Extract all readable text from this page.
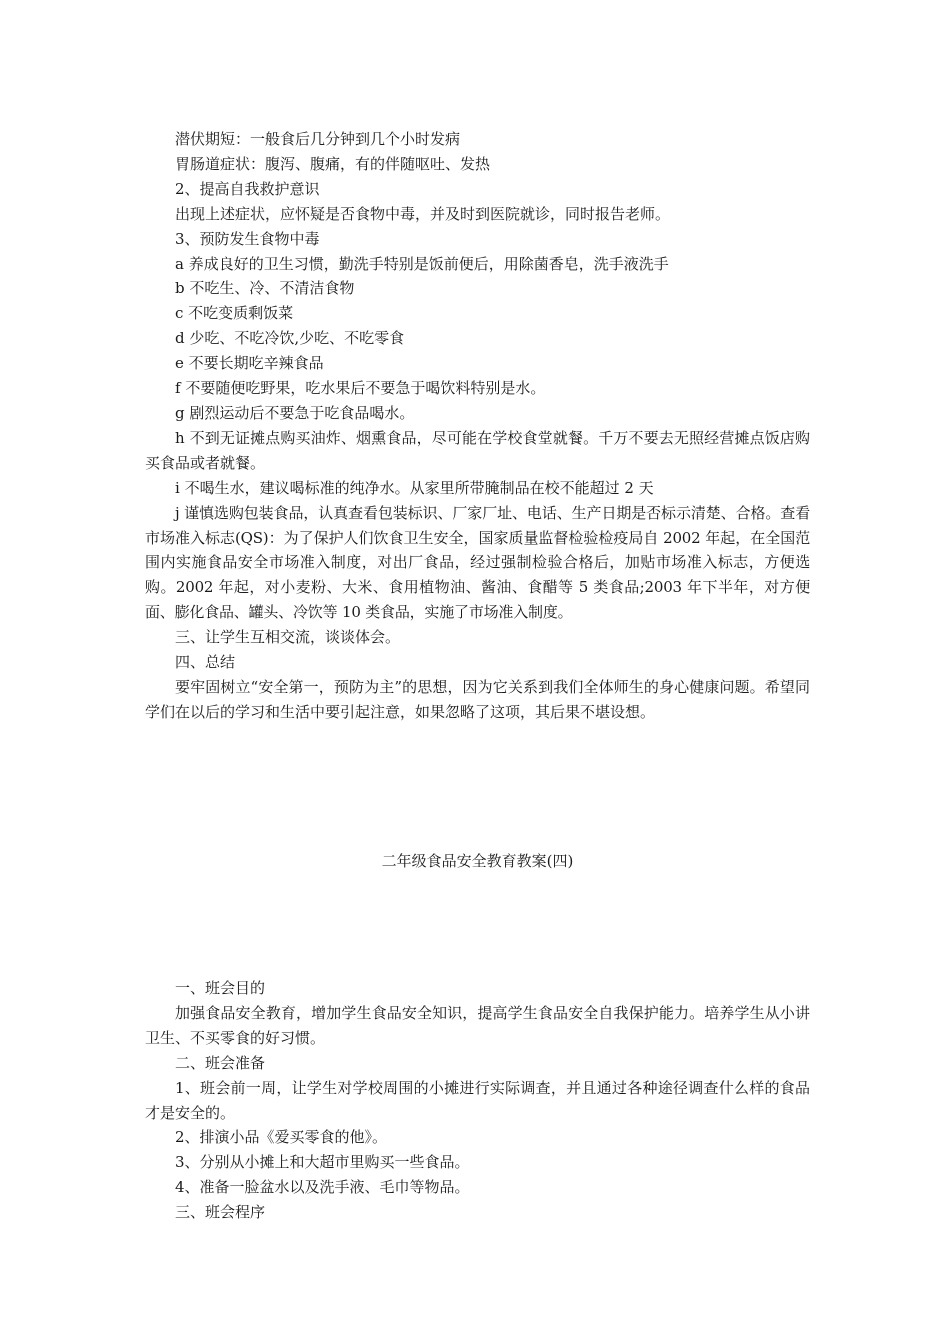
潜伏期短：一般食后几分钟到几个小时发病

胃肠道症状：腹泻、腹痛，有的伴随呕吐、发热

2、提高自我救护意识

出现上述症状，应怀疑是否食物中毒，并及时到医院就诊，同时报告老师。

3、预防发生食物中毒

a 养成良好的卫生习惯，勤洗手特别是饭前便后，用除菌香皂，洗手液洗手

b 不吃生、冷、不清洁食物

c 不吃变质剩饭菜

d 少吃、不吃冷饮,少吃、不吃零食

e 不要长期吃辛辣食品

f 不要随便吃野果，吃水果后不要急于喝饮料特别是水。

g 剧烈运动后不要急于吃食品喝水。

h 不到无证摊点购买油炸、烟熏食品，尽可能在学校食堂就餐。千万不要去无照经营摊点饭店购买食品或者就餐。

i 不喝生水，建议喝标准的纯净水。从家里所带腌制品在校不能超过 2 天

j 谨慎选购包装食品，认真查看包装标识、厂家厂址、电话、生产日期是否标示清楚、合格。查看市场准入标志(QS)：为了保护人们饮食卫生安全，国家质量监督检验检疫局自 2002 年起，在全国范围内实施食品安全市场准入制度，对出厂食品，经过强制检验合格后，加贴市场准入标志，方便选购。2002 年起，对小麦粉、大米、食用植物油、酱油、食醋等 5 类食品;2003 年下半年，对方便面、膨化食品、罐头、冷饮等 10 类食品，实施了市场准入制度。

三、让学生互相交流，谈谈体会。

四、总结

要牢固树立“安全第一，预防为主”的思想，因为它关系到我们全体师生的身心健康问题。希望同学们在以后的学习和生活中要引起注意，如果忽略了这项，其后果不堪设想。

二年级食品安全教育教案(四)

一、班会目的

加强食品安全教育，增加学生食品安全知识，提高学生食品安全自我保护能力。培养学生从小讲卫生、不买零食的好习惯。

二、班会准备

1、班会前一周，让学生对学校周围的小摊进行实际调查，并且通过各种途径调查什么样的食品才是安全的。

2、排演小品《爱买零食的他》。

3、分别从小摊上和大超市里购买一些食品。

4、准备一脸盆水以及洗手液、毛巾等物品。

三、班会程序
